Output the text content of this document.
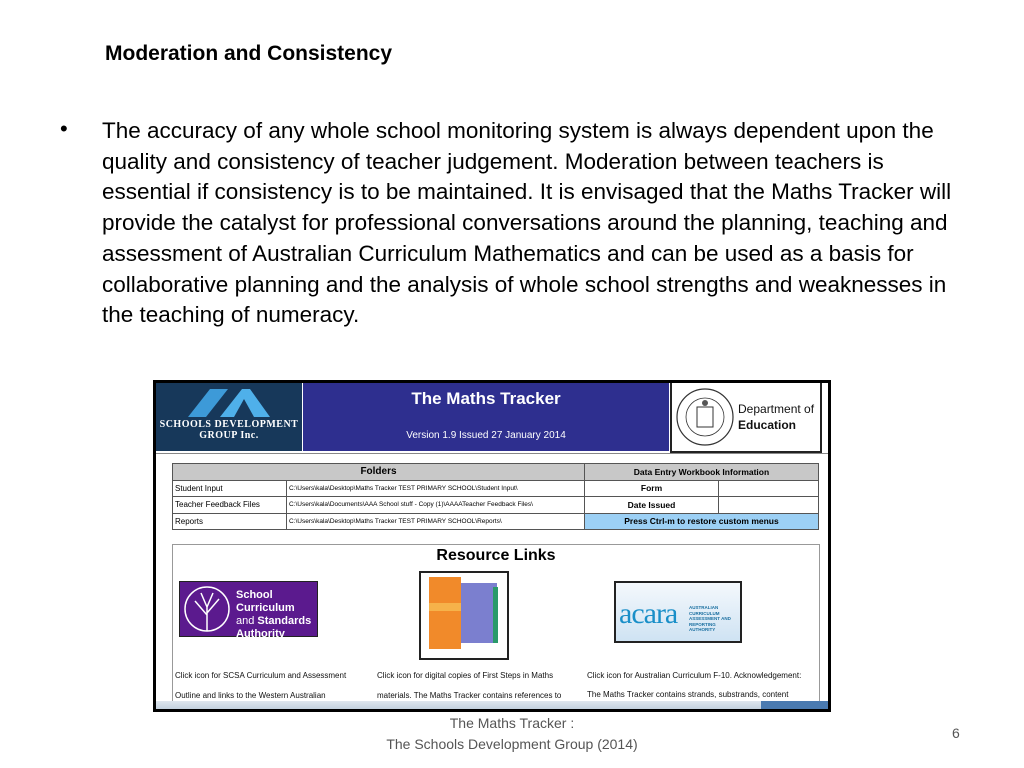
Moderation and Consistency
• The accuracy of any whole school monitoring system is always dependent upon the quality and consistency of teacher judgement. Moderation between teachers is essential if consistency is to be maintained. It is envisaged that the Maths Tracker will provide the catalyst for professional conversations around the planning, teaching and assessment of Australian Curriculum Mathematics and can be used as a basis for collaborative planning and the analysis of whole school strengths and weaknesses in the teaching of numeracy.
SCHOOLS DEVELOPMENT
GROUP Inc.
The Maths Tracker
Version 1.9 Issued 27 January 2014
Department of
Education
Folders		Data Entry Workbook Information	
Student Input	C:\Users\kala\Desktop\Maths Tracker TEST PRIMARY SCHOOL\Student Input\	Form	
Teacher Feedback Files	C:\Users\kala\Documents\AAA School stuff - Copy (1)\AAAATeacher Feedback Files\	Date Issued	
Reports	C:\Users\kala\Desktop\Maths Tracker TEST PRIMARY SCHOOL\Reports\	Press Ctrl-m to restore custom menus	
Resource Links
School Curriculum
and Standards
Authority
acara	AUSTRALIAN CURRICULUM ASSESSMENT AND REPORTING AUTHORITY
Click icon for SCSA Curriculum and Assessment
Outline and links to the Western Australian
Click icon for digital copies of First Steps in Maths
materials. The Maths Tracker contains references to
Click icon for Australian Curriculum F-10. Acknowledgement:
The Maths Tracker contains strands, substrands, content
The Maths Tracker :
The Schools Development Group (2014)
6
